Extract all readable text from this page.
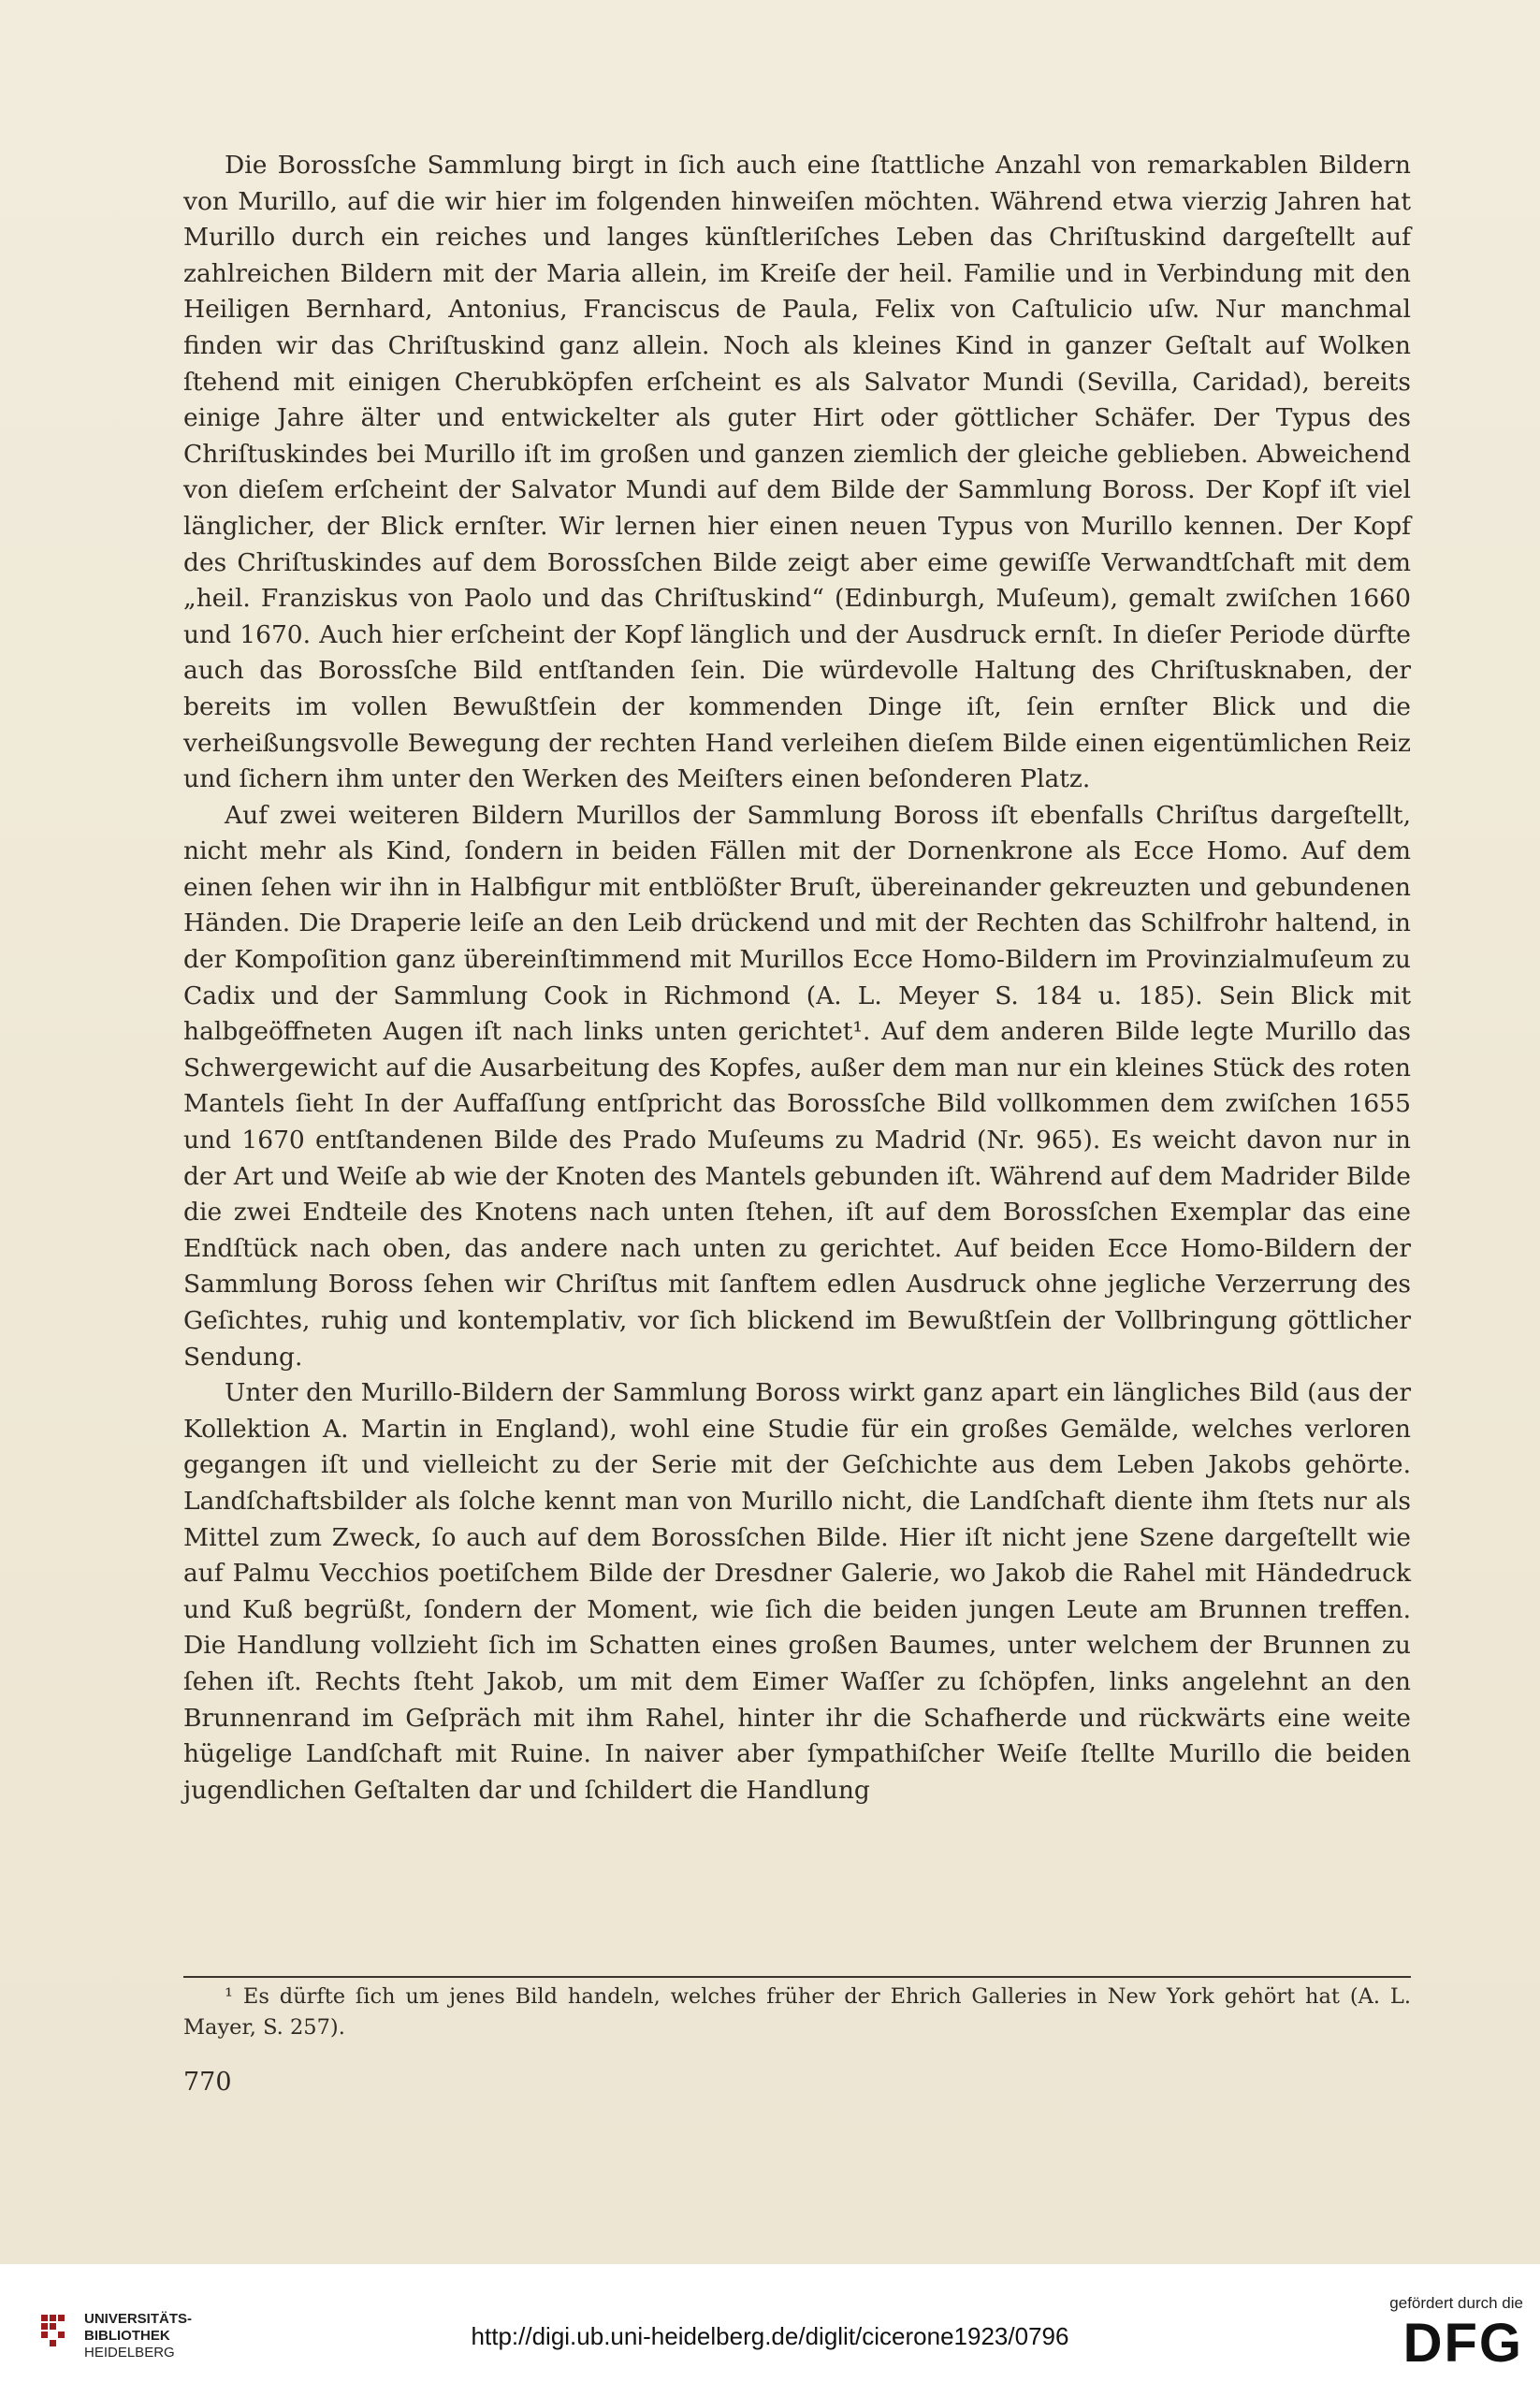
Die Borossſche Sammlung birgt in ſich auch eine ſtattliche Anzahl von remarkablen Bildern von Murillo, auf die wir hier im folgenden hinweiſen möchten. Während etwa vierzig Jahren hat Murillo durch ein reiches und langes künſtleriſches Leben das Chriſtuskind dargeſtellt auf zahlreichen Bildern mit der Maria allein, im Kreiſe der heil. Familie und in Verbindung mit den Heiligen Bernhard, Antonius, Franciscus de Paula, Felix von Caſtulicio uſw. Nur manchmal finden wir das Chriſtuskind ganz allein. Noch als kleines Kind in ganzer Geſtalt auf Wolken ſtehend mit einigen Cherubköpfen erſcheint es als Salvator Mundi (Sevilla, Caridad), bereits einige Jahre älter und entwickelter als guter Hirt oder göttlicher Schäfer. Der Typus des Chriſtuskindes bei Murillo iſt im großen und ganzen ziemlich der gleiche geblieben. Abweichend von dieſem erſcheint der Salvator Mundi auf dem Bilde der Sammlung Boross. Der Kopf iſt viel länglicher, der Blick ernſter. Wir lernen hier einen neuen Typus von Murillo kennen. Der Kopf des Chriſtuskindes auf dem Borossſchen Bilde zeigt aber eime gewiſſe Verwandtſchaft mit dem „heil. Franziskus von Paolo und das Chriſtuskind“ (Edinburgh, Muſeum), gemalt zwiſchen 1660 und 1670. Auch hier erſcheint der Kopf länglich und der Ausdruck ernſt. In dieſer Periode dürfte auch das Borossſche Bild entſtanden ſein. Die würdevolle Haltung des Chriſtusknaben, der bereits im vollen Bewußtſein der kommenden Dinge iſt, ſein ernſter Blick und die verheißungsvolle Bewegung der rechten Hand verleihen dieſem Bilde einen eigentümlichen Reiz und ſichern ihm unter den Werken des Meiſters einen beſonderen Platz.

Auf zwei weiteren Bildern Murillos der Sammlung Boross iſt ebenfalls Chriſtus dargeſtellt, nicht mehr als Kind, ſondern in beiden Fällen mit der Dornenkrone als Ecce Homo. Auf dem einen ſehen wir ihn in Halbfigur mit entblößter Bruſt, übereinander gekreuzten und gebundenen Händen. Die Draperie leiſe an den Leib drückend und mit der Rechten das Schilfrohr haltend, in der Kompoſition ganz übereinſtimmend mit Murillos Ecce Homo-Bildern im Provinzialmuſeum zu Cadix und der Sammlung Cook in Richmond (A. L. Meyer S. 184 u. 185). Sein Blick mit halbgeöffneten Augen iſt nach links unten gerichtet¹. Auf dem anderen Bilde legte Murillo das Schwergewicht auf die Ausarbeitung des Kopfes, außer dem man nur ein kleines Stück des roten Mantels ſieht In der Auffaſſung entſpricht das Borossſche Bild vollkommen dem zwiſchen 1655 und 1670 entſtandenen Bilde des Prado Muſeums zu Madrid (Nr. 965). Es weicht davon nur in der Art und Weiſe ab wie der Knoten des Mantels gebunden iſt. Während auf dem Madrider Bilde die zwei Endteile des Knotens nach unten ſtehen, iſt auf dem Borossſchen Exemplar das eine Endſtück nach oben, das andere nach unten zu gerichtet. Auf beiden Ecce Homo-Bildern der Sammlung Boross ſehen wir Chriſtus mit ſanftem edlen Ausdruck ohne jegliche Verzerrung des Geſichtes, ruhig und kontemplativ, vor ſich blickend im Bewußtſein der Vollbringung göttlicher Sendung.

Unter den Murillo-Bildern der Sammlung Boross wirkt ganz apart ein längliches Bild (aus der Kollektion A. Martin in England), wohl eine Studie für ein großes Gemälde, welches verloren gegangen iſt und vielleicht zu der Serie mit der Geſchichte aus dem Leben Jakobs gehörte. Landſchaftsbilder als ſolche kennt man von Murillo nicht, die Landſchaft diente ihm ſtets nur als Mittel zum Zweck, ſo auch auf dem Borossſchen Bilde. Hier iſt nicht jene Szene dargeſtellt wie auf Palmu Vecchios poetiſchem Bilde der Dresdner Galerie, wo Jakob die Rahel mit Händedruck und Kuß begrüßt, ſondern der Moment, wie ſich die beiden jungen Leute am Brunnen treffen. Die Handlung vollzieht ſich im Schatten eines großen Baumes, unter welchem der Brunnen zu ſehen iſt. Rechts ſteht Jakob, um mit dem Eimer Waſſer zu ſchöpfen, links angelehnt an den Brunnenrand im Geſpräch mit ihm Rahel, hinter ihr die Schafherde und rückwärts eine weite hügelige Landſchaft mit Ruine. In naiver aber ſympathiſcher Weiſe ſtellte Murillo die beiden jugendlichen Geſtalten dar und ſchildert die Handlung

¹ Es dürfte ſich um jenes Bild handeln, welches früher der Ehrich Galleries in New York gehört hat (A. L. Mayer, S. 257).
770
UNIVERSITÄTS-
BIBLIOTHEK
HEIDELBERG
http://digi.ub.uni-heidelberg.de/diglit/cicerone1923/0796
gefördert durch die
DFG
